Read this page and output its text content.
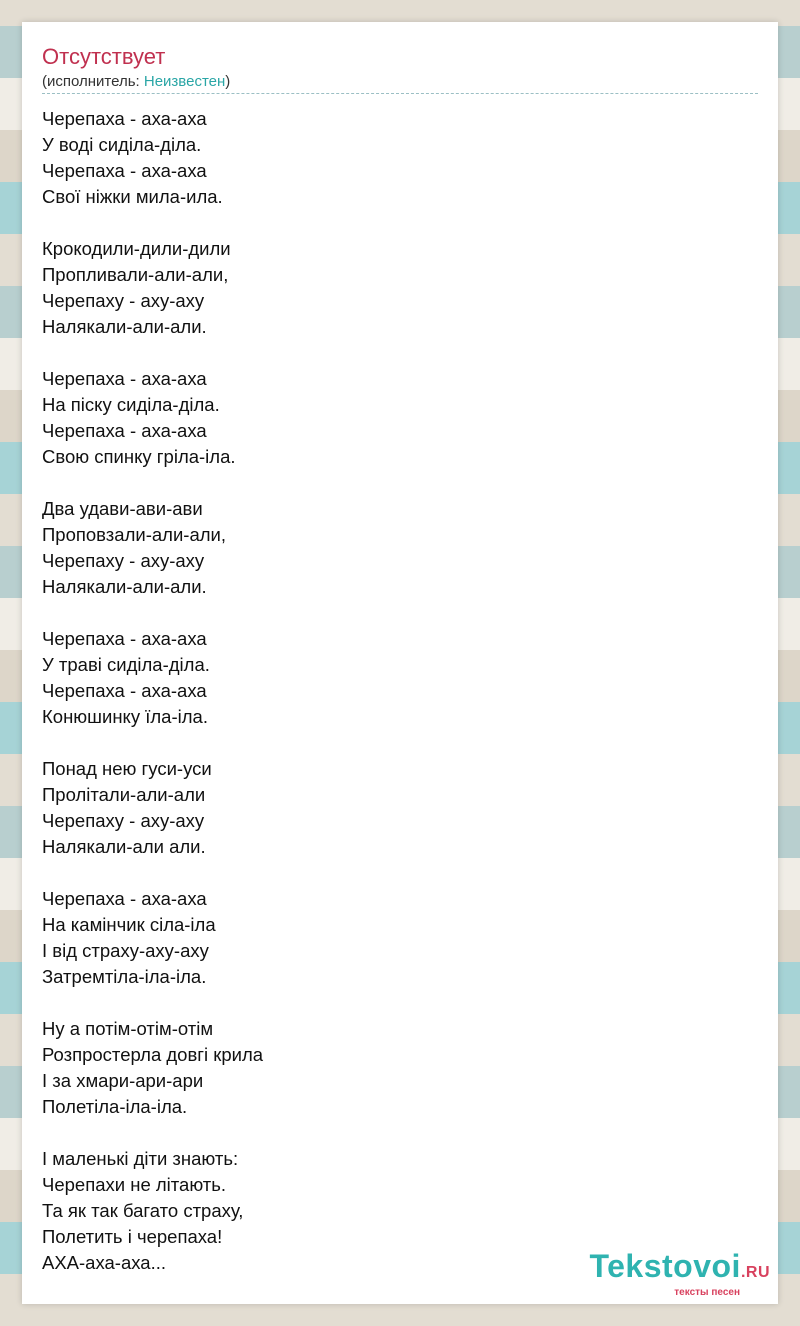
Отсутствует
(исполнитель: Неизвестен)
Черепаха - аха-аха
У воді сиділа-ділa.
Черепаха - аха-аха
Свої ніжки мила-ила.
Крокодили-дили-дили
Пропливали-али-али,
Черепаху - аху-аху
Налякали-али-али.
Черепаха - аха-аха
На піску сиділа-ділa.
Черепаха - аха-аха
Свою спинку гріла-іла.
Два удави-ави-ави
Проповзали-али-али,
Черепаху - аху-аху
Налякали-али-али.
Черепаха - аха-аха
У траві сиділа-ділa.
Черепаха - аха-аха
Конюшинку їла-іла.
Понад нею гуси-уси
Пролітали-али-али
Черепаху - аху-аху
Налякали-али али.
Черепаха - аха-аха
На камінчик сіла-іла
І від страху-аху-аху
Затремтіла-іла-іла.
Ну а потім-отім-отім
Розпростерла довгі крила
І за хмари-ари-ари
Полетіла-іла-іла.
І маленькі діти знають:
Черепахи не літають.
Та як так багато страху,
Полетить і черепаха!
АХА-аха-аха...	Tekstovoi.RU
тексты песен
